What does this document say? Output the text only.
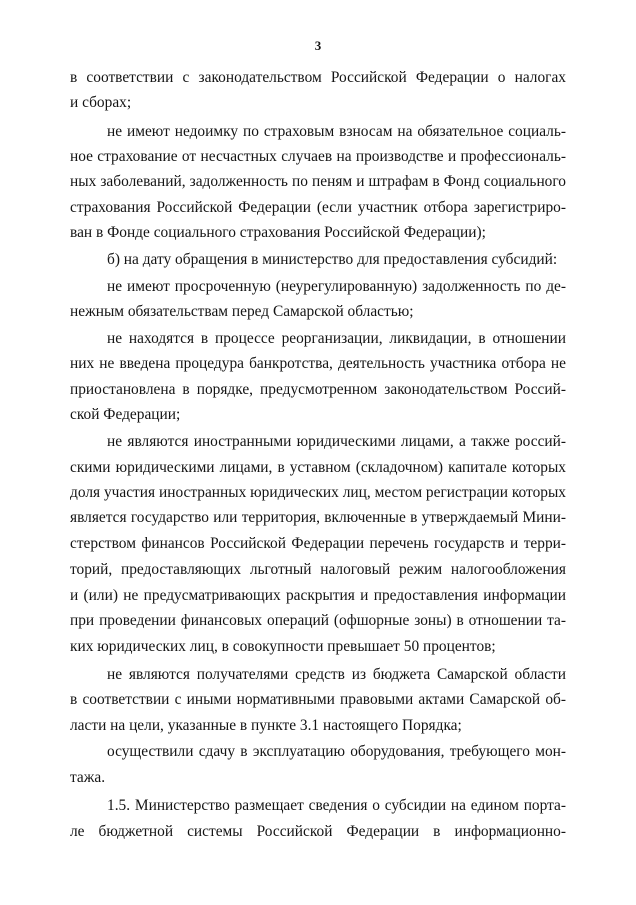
3
в соответствии с законодательством Российской Федерации о налогах
и сборах;
не имеют недоимку по страховым взносам на обязательное социаль-
ное страхование от несчастных случаев на производстве и профессиональ-
ных заболеваний, задолженность по пеням и штрафам в Фонд социального
страхования Российской Федерации (если участник отбора зарегистриро-
ван в Фонде социального страхования Российской Федерации);
б) на дату обращения в министерство для предоставления субсидий:
не имеют просроченную (неурегулированную) задолженность по де-
нежным обязательствам перед Самарской областью;
не находятся в процессе реорганизации, ликвидации, в отношении
них не введена процедура банкротства, деятельность участника отбора не
приостановлена в порядке, предусмотренном законодательством Россий-
ской Федерации;
не являются иностранными юридическими лицами, а также россий-
скими юридическими лицами, в уставном (складочном) капитале которых
доля участия иностранных юридических лиц, местом регистрации которых
является государство или территория, включенные в утверждаемый Мини-
стерством финансов Российской Федерации перечень государств и терри-
торий, предоставляющих льготный налоговый режим налогообложения
и (или) не предусматривающих раскрытия и предоставления информации
при проведении финансовых операций (офшорные зоны) в отношении та-
ких юридических лиц, в совокупности превышает 50 процентов;
не являются получателями средств из бюджета Самарской области
в соответствии с иными нормативными правовыми актами Самарской об-
ласти на цели, указанные в пункте 3.1 настоящего Порядка;
осуществили сдачу в эксплуатацию оборудования, требующего мон-
тажа.
1.5. Министерство размещает сведения о субсидии на едином порта-
ле бюджетной системы Российской Федерации в информационно-
